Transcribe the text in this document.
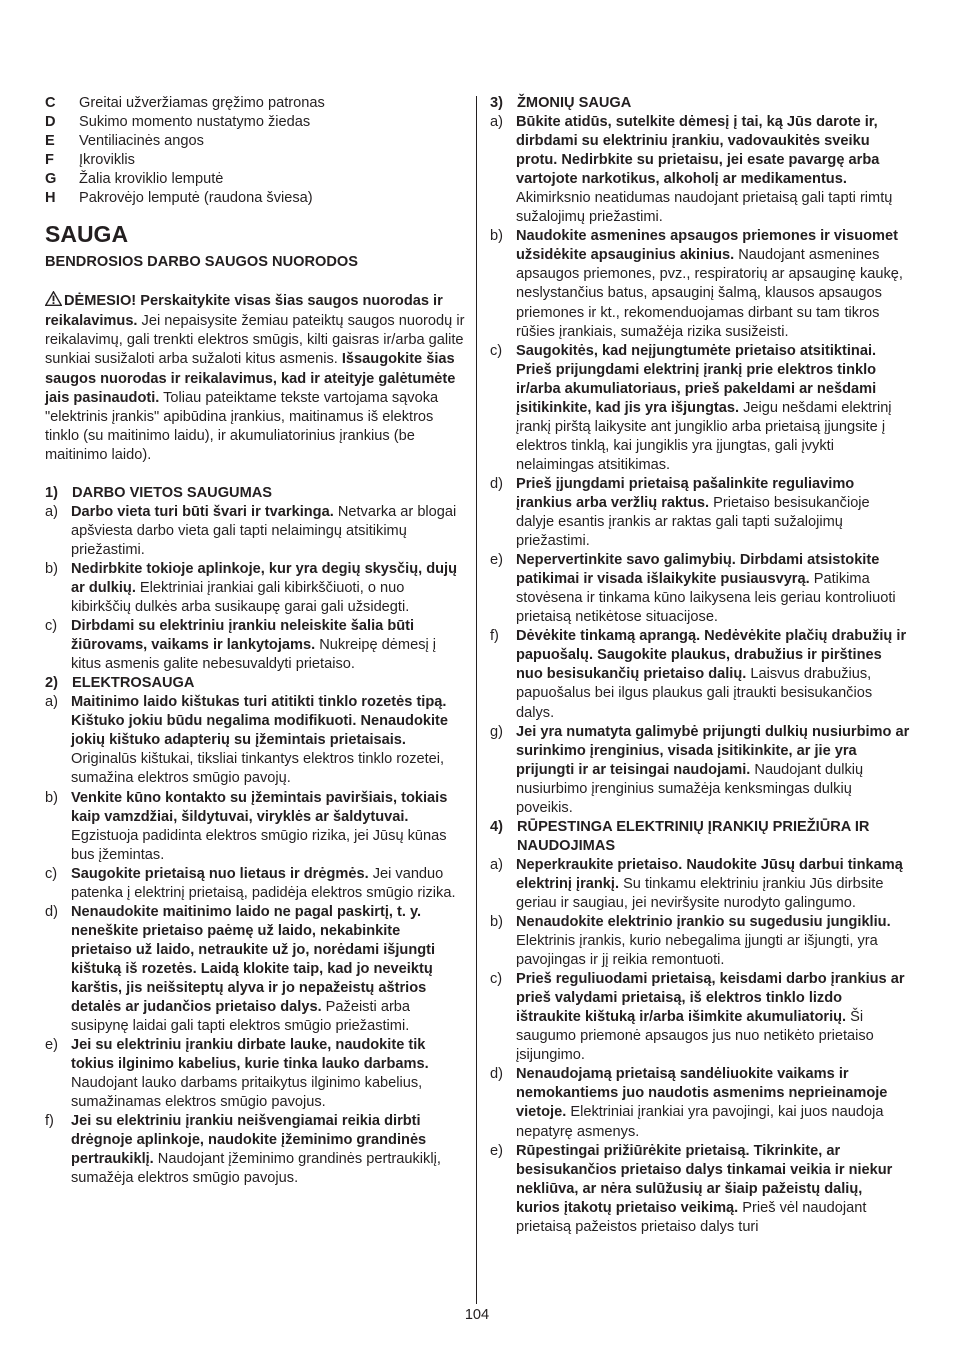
C	Greitai užveržiamas gręžimo patronas
D	Sukimo momento nustatymo žiedas
E	Ventiliacinės angos
F	Įkroviklis
G	Žalia kroviklio lemputė
H	Pakrovėjo lemputė (raudona šviesa)
SAUGA
BENDROSIOS DARBO SAUGOS NUORODOS

DĖMESIO! Perskaitykite visas šias saugos nuorodas ir reikalavimus. Jei nepaisysite žemiau pateiktų saugos nuorodų ir reikalavimų, gali trenkti elektros smūgis, kilti gaisras ir/arba galite sunkiai susižaloti arba sužaloti kitus asmenis. Išsaugokite šias saugos nuorodas ir reikalavimus, kad ir ateityje galėtumėte jais pasinaudoti. Toliau pateiktame tekste vartojama sąvoka "elektrinis įrankis" apibūdina įrankius, maitinamus iš elektros tinklo (su maitinimo laidu), ir akumuliatorinius įrankius (be maitinimo laido).

1) DARBO VIETOS SAUGUMAS
a) Darbo vieta turi būti švari ir tvarkinga. Netvarka ar blogai apšviesta darbo vieta gali tapti nelaimingų atsitikimų priežastimi.
b) Nedirbkite tokioje aplinkoje, kur yra degių skysčių, dujų ar dulkių. Elektriniai įrankiai gali kibirkščiuoti, o nuo kibirkščių dulkės arba susikaupę garai gali užsidegti.
c) Dirbdami su elektriniu įrankiu neleiskite šalia būti žiūrovams, vaikams ir lankytojams. Nukreipę dėmesį į kitus asmenis galite nebesuvaldyti prietaiso.
2) ELEKTROSAUGA
a) Maitinimo laido kištukas turi atitikti tinklo rozetės tipą. Kištuko jokiu būdu negalima modifikuoti. Nenaudokite jokių kištuko adapterių su įžemintais prietaisais. Originalūs kištukai, tiksliai tinkantys elektros tinklo rozetei, sumažina elektros smūgio pavojų.
b) Venkite kūno kontakto su įžemintais paviršiais, tokiais kaip vamzdžiai, šildytuvai, viryklės ar šaldytuvai. Egzistuoja padidinta elektros smūgio rizika, jei Jūsų kūnas bus įžemintas.
c) Saugokite prietaisą nuo lietaus ir drėgmės. Jei vanduo patenka į elektrinį prietaisą, padidėja elektros smūgio rizika.
d) Nenaudokite maitinimo laido ne pagal paskirtį, t. y. neneškite prietaiso paėmę už laido, nekabinkite prietaiso už laido, netraukite už jo, norėdami išjungti kištuką iš rozetės. Laidą klokite taip, kad jo neveiktų karštis, jis neišsiteptų alyva ir jo nepažeistų aštrios detalės ar judančios prietaiso dalys. Pažeisti arba susipynę laidai gali tapti elektros smūgio priežastimi.
e) Jei su elektriniu įrankiu dirbate lauke, naudokite tik tokius ilginimo kabelius, kurie tinka lauko darbams. Naudojant lauko darbams pritaikytus ilginimo kabelius, sumažinamas elektros smūgio pavojus.
f)	Jei su elektriniu įrankiu neišvengiamai reikia dirbti drėgnoje aplinkoje, naudokite įžeminimo grandinės pertraukiklį. Naudojant įžeminimo grandinės pertraukiklį, sumažėja elektros smūgio pavojus.
3) ŽMONIŲ SAUGA
a) Būkite atidūs, sutelkite dėmesį į tai, ką Jūs darote ir, dirbdami su elektriniu įrankiu, vadovaukitės sveiku protu. Nedirbkite su prietaisu, jei esate pavargę arba vartojote narkotikus, alkoholį ar medikamentus. Akimirksnio neatidumas naudojant prietaisą gali tapti rimtų sužalojimų priežastimi.
b) Naudokite asmenines apsaugos priemones ir visuomet užsidėkite apsauginius akinius. Naudojant asmenines apsaugos priemones, pvz., respiratorių ar apsauginę kaukę, neslystančius batus, apsauginį šalmą, klausos apsaugos priemones ir kt., rekomenduojamas dirbant su tam tikros rūšies įrankiais, sumažėja rizika susižeisti.
c) Saugokitės, kad neįjungtumėte prietaiso atsitiktinai. Prieš prijungdami elektrinį įrankį prie elektros tinklo ir/arba akumuliatoriaus, prieš pakeldami ar nešdami įsitikinkite, kad jis yra išjungtas. Jeigu nešdami elektrinį įrankį pirštą laikysite ant jungiklio arba prietaisą įjungsite į elektros tinklą, kai jungiklis yra įjungtas, gali įvykti nelaimingas atsitikimas.
d) Prieš įjungdami prietaisą pašalinkite reguliavimo įrankius arba veržlių raktus. Prietaiso besisukančioje dalyje esantis įrankis ar raktas gali tapti sužalojimų priežastimi.
e) Nepervertinkite savo galimybių. Dirbdami atsistokite patikimai ir visada išlaikykite pusiausvyrą. Patikima stovėsena ir tinkama kūno laikysena leis geriau kontroliuoti prietaisą netikėtose situacijose.
f)	Dėvėkite tinkamą aprangą. Nedėvėkite plačių drabužių ir papuošalų. Saugokite plaukus, drabužius ir pirštines nuo besisukančių prietaiso dalių. Laisvus drabužius, papuošalus bei ilgus plaukus gali įtraukti besisukančios dalys.
g) Jei yra numatyta galimybė prijungti dulkių nusiurbimo ar surinkimo įrenginius, visada įsitikinkite, ar jie yra prijungti ir ar teisingai naudojami. Naudojant dulkių nusiurbimo įrenginius sumažėja kenksmingas dulkių poveikis.
4) RŪPESTINGA ELEKTRINIŲ ĮRANKIŲ PRIEŽIŪRA IR NAUDOJIMAS
a) Neperkraukite prietaiso. Naudokite Jūsų darbui tinkamą elektrinį įrankį. Su tinkamu elektriniu įrankiu Jūs dirbsite geriau ir saugiau, jei neviršysite nurodyto galingumo.
b) Nenaudokite elektrinio įrankio su sugedusiu jungikliu. Elektrinis įrankis, kurio nebegalima įjungti ar išjungti, yra pavojingas ir jį reikia remontuoti.
c) Prieš reguliuodami prietaisą, keisdami darbo įrankius ar prieš valydami prietaisą, iš elektros tinklo lizdo ištraukite kištuką ir/arba išimkite akumuliatorių. Ši saugumo priemonė apsaugos jus nuo netikėto prietaiso įsijungimo.
d) Nenaudojamą prietaisą sandėliuokite vaikams ir nemokantiems juo naudotis asmenims neprieinamoje vietoje. Elektriniai įrankiai yra pavojingi, kai juos naudoja nepatyrę asmenys.
e) Rūpestingai prižiūrėkite prietaisą. Tikrinkite, ar besisukančios prietaiso dalys tinkamai veikia ir niekur nekliūva, ar nėra sulūžusių ar šiaip pažeistų dalių, kurios įtakotų prietaiso veikimą. Prieš vėl naudojant prietaisą pažeistos prietaiso dalys turi
104
